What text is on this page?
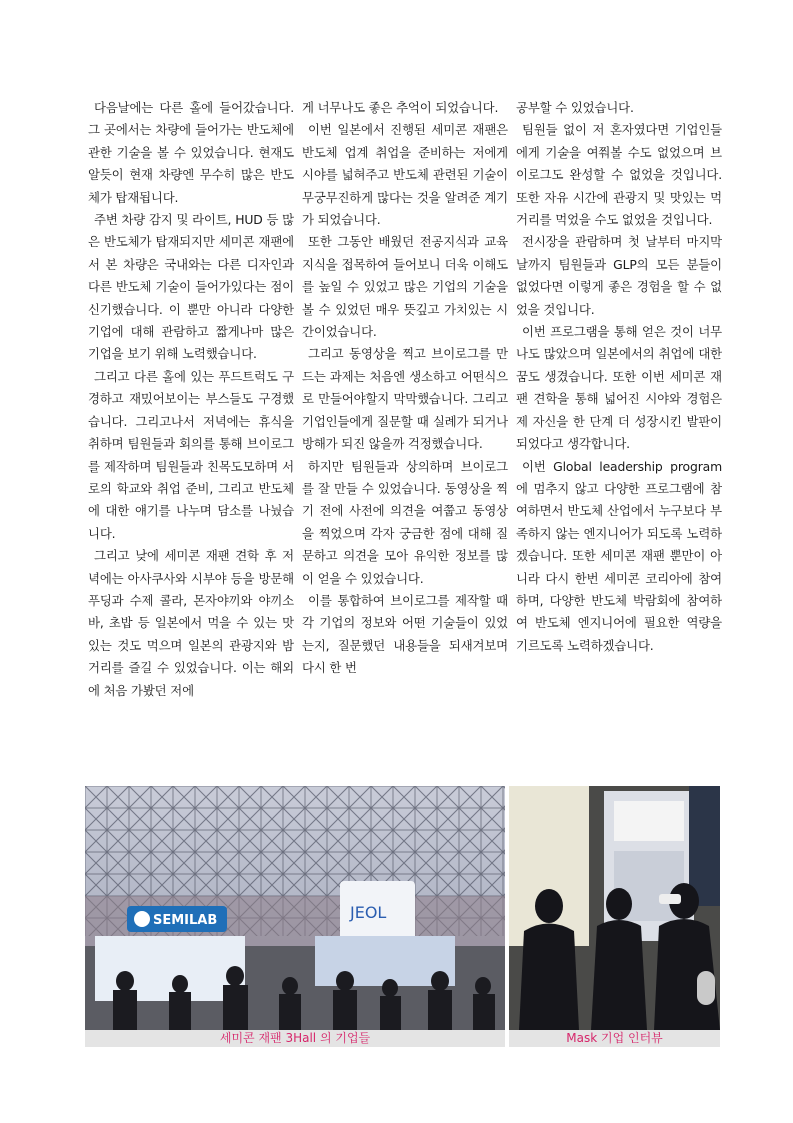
다음날에는 다른 홀에 들어갔습니다. 그 곳에서는 차량에 들어가는 반도체에 관한 기술을 볼 수 있었습니다. 현재도 알듯이 현재 차량엔 무수히 많은 반도체가 탑재됩니다.

주변 차량 감지 및 라이트, HUD 등 많은 반도체가 탑재되지만 세미콘 재팬에서 본 차량은 국내와는 다른 디자인과 다른 반도체 기술이 들어가있다는 점이 신기했습니다. 이 뿐만 아니라 다양한 기업에 대해 관람하고 짧게나마 많은 기업을 보기 위해 노력했습니다.

그리고 다른 홀에 있는 푸드트럭도 구경하고 재밌어보이는 부스들도 구경했습니다. 그리고나서 저녁에는 휴식을 취하며 팀원들과 회의를 통해 브이로그를 제작하며 팀원들과 친목도모하며 서로의 학교와 취업 준비, 그리고 반도체에 대한 얘기를 나누며 담소를 나눴습니다.

그리고 낮에 세미콘 재팬 견학 후 저녁에는 아사쿠사와 시부야 등을 방문해 푸딩과 수제 콜라, 몬자야끼와 야끼소바, 초밥 등 일본에서 먹을 수 있는 맛있는 것도 먹으며 일본의 관광지와 밤거리를 즐길 수 있었습니다. 이는 해외에 처음 가봤던 저에

게 너무나도 좋은 추억이 되었습니다.

이번 일본에서 진행된 세미콘 재팬은 반도체 업계 취업을 준비하는 저에게 시야를 넓혀주고 반도체 관련된 기술이 무궁무진하게 많다는 것을 알려준 계기가 되었습니다.

또한 그동안 배웠던 전공지식과 교육지식을 접목하여 들어보니 더욱 이해도를 높일 수 있었고 많은 기업의 기술을 볼 수 있었던 매우 뜻깊고 가치있는 시간이었습니다.

그리고 동영상을 찍고 브이로그를 만드는 과제는 처음엔 생소하고 어떤식으로 만들어야할지 막막했습니다. 그리고 기업인들에게 질문할 때 실례가 되거나 방해가 되진 않을까 걱정했습니다.

하지만 팀원들과 상의하며 브이로그를 잘 만들 수 있었습니다. 동영상을 찍기 전에 사전에 의견을 여쭙고 동영상을 찍었으며 각자 궁금한 점에 대해 질문하고 의견을 모아 유익한 정보를 많이 얻을 수 있었습니다.

이를 통합하여 브이로그를 제작할 때 각 기업의 정보와 어떤 기술들이 있었는지, 질문했던 내용들을 되새겨보며 다시 한 번

공부할 수 있었습니다.

팀원들 없이 저 혼자였다면 기업인들에게 기술을 여쭤볼 수도 없었으며 브이로그도 완성할 수 없었을 것입니다. 또한 자유 시간에 관광지 및 맛있는 먹거리를 먹었을 수도 없었을 것입니다.

전시장을 관람하며 첫 날부터 마지막날까지 팀원들과 GLP의 모든 분들이 없었다면 이렇게 좋은 경험을 할 수 없었을 것입니다.

이번 프로그램을 통해 얻은 것이 너무나도 많았으며 일본에서의 취업에 대한 꿈도 생겼습니다. 또한 이번 세미콘 재팬 견학을 통해 넓어진 시야와 경험은 제 자신을 한 단계 더 성장시킨 발판이 되었다고 생각합니다.

이번 Global leadership program 에 멈추지 않고 다양한 프로그램에 참여하면서 반도체 산업에서 누구보다 부족하지 않는 엔지니어가 되도록 노력하겠습니다. 또한 세미콘 재팬 뿐만이 아니라 다시 한번 세미콘 코리아에 참여하며, 다양한 반도체 박람회에 참여하여 반도체 엔지니어에 필요한 역량을 기르도록 노력하겠습니다.

SEMILAB	JEOL
세미콘 재팬 3Hall 의 기업들	Mask 기업 인터뷰
